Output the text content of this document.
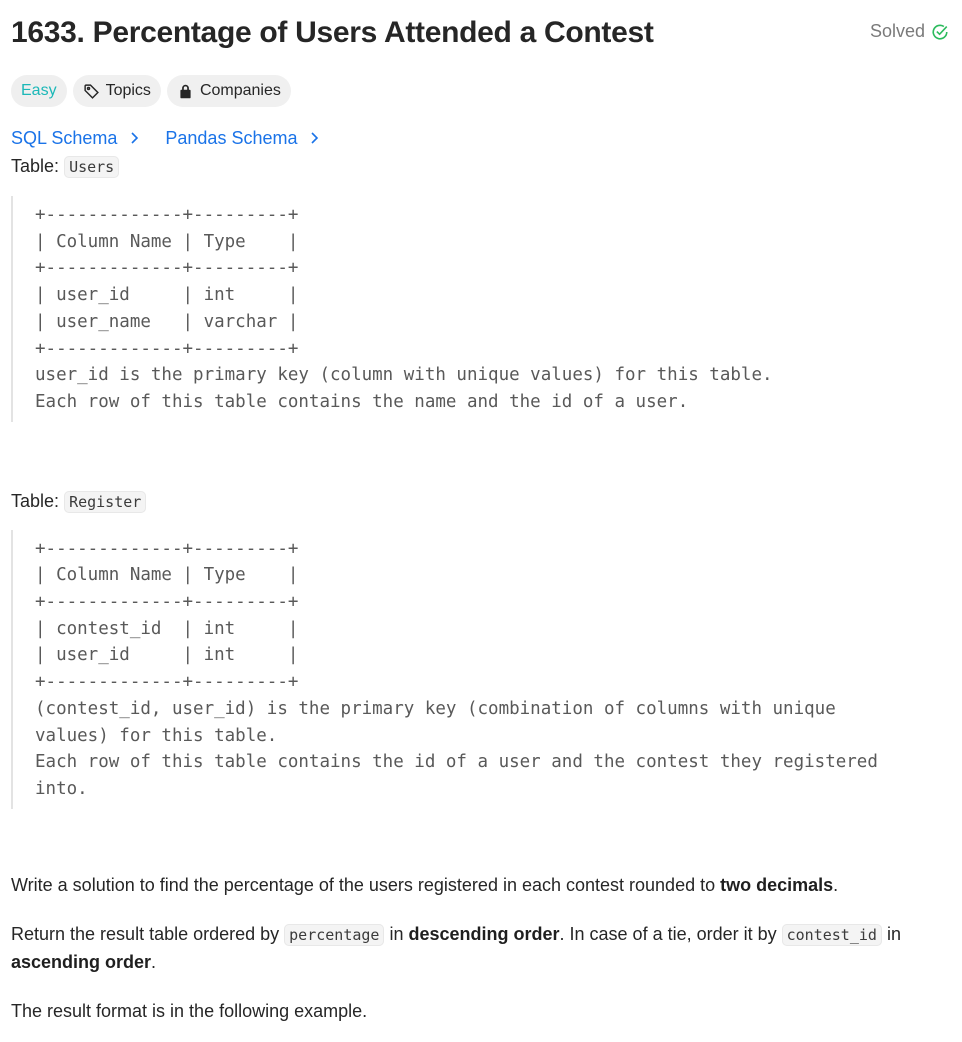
1633. Percentage of Users Attended a Contest	Solved
Easy	Topics	Companies
SQL Schema	Pandas Schema
Table: Users
+-------------+---------+
| Column Name | Type    |
+-------------+---------+
| user_id     | int     |
| user_name   | varchar |
+-------------+---------+
user_id is the primary key (column with unique values) for this table.
Each row of this table contains the name and the id of a user.
Table: Register
+-------------+---------+
| Column Name | Type    |
+-------------+---------+
| contest_id  | int     |
| user_id     | int     |
+-------------+---------+
(contest_id, user_id) is the primary key (combination of columns with unique
values) for this table.
Each row of this table contains the id of a user and the contest they registered
into.

Write a solution to find the percentage of the users registered in each contest rounded to two decimals.

Return the result table ordered by percentage in descending order. In case of a tie, order it by contest_id in ascending order.

The result format is in the following example.
